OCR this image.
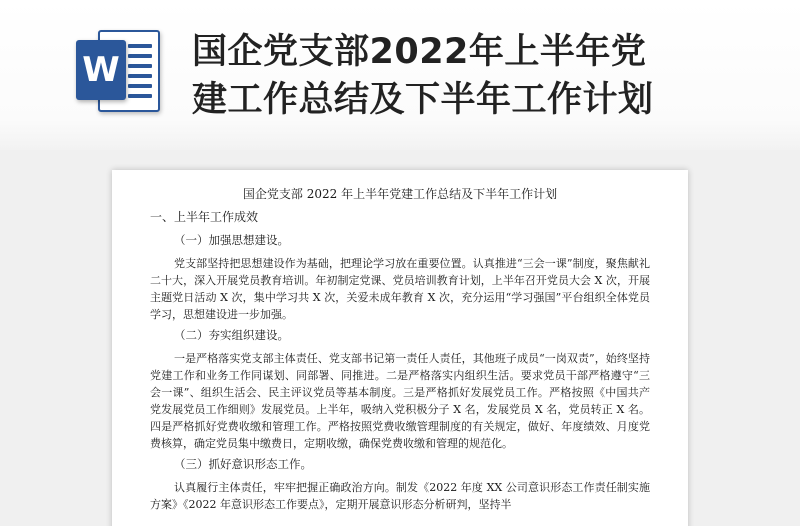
W 国企党支部2022年上半年党
建工作总结及下半年工作计划
国企党支部 2022 年上半年党建工作总结及下半年工作计划
一、上半年工作成效
（一）加强思想建设。

党支部坚持把思想建设作为基础，把理论学习放在重要位置。认真推进“三会一课”制度，聚焦献礼二十大，深入开展党员教育培训。年初制定党课、党员培训教育计划，上半年召开党员大会 X 次，开展主题党日活动 X 次，集中学习共 X 次，关爱未成年教育 X 次，充分运用“学习强国”平台组织全体党员学习，思想建设进一步加强。

（二）夯实组织建设。

一是严格落实党支部主体责任、党支部书记第一责任人责任，其他班子成员“一岗双责”，始终坚持党建工作和业务工作同谋划、同部署、同推进。二是严格落实内组织生活。要求党员干部严格遵守“三会一课”、组织生活会、民主评议党员等基本制度。三是严格抓好发展党员工作。严格按照《中国共产党发展党员工作细则》发展党员。上半年，吸纳入党积极分子 X 名，发展党员 X 名，党员转正 X 名。四是严格抓好党费收缴和管理工作。严格按照党费收缴管理制度的有关规定，做好、年度绩效、月度党费核算，确定党员集中缴费日，定期收缴，确保党费收缴和管理的规范化。

（三）抓好意识形态工作。

认真履行主体责任，牢牢把握正确政治方向。制发《2022 年度 XX 公司意识形态工作责任制实施方案》《2022 年意识形态工作要点》，定期开展意识形态分析研判，坚持半
